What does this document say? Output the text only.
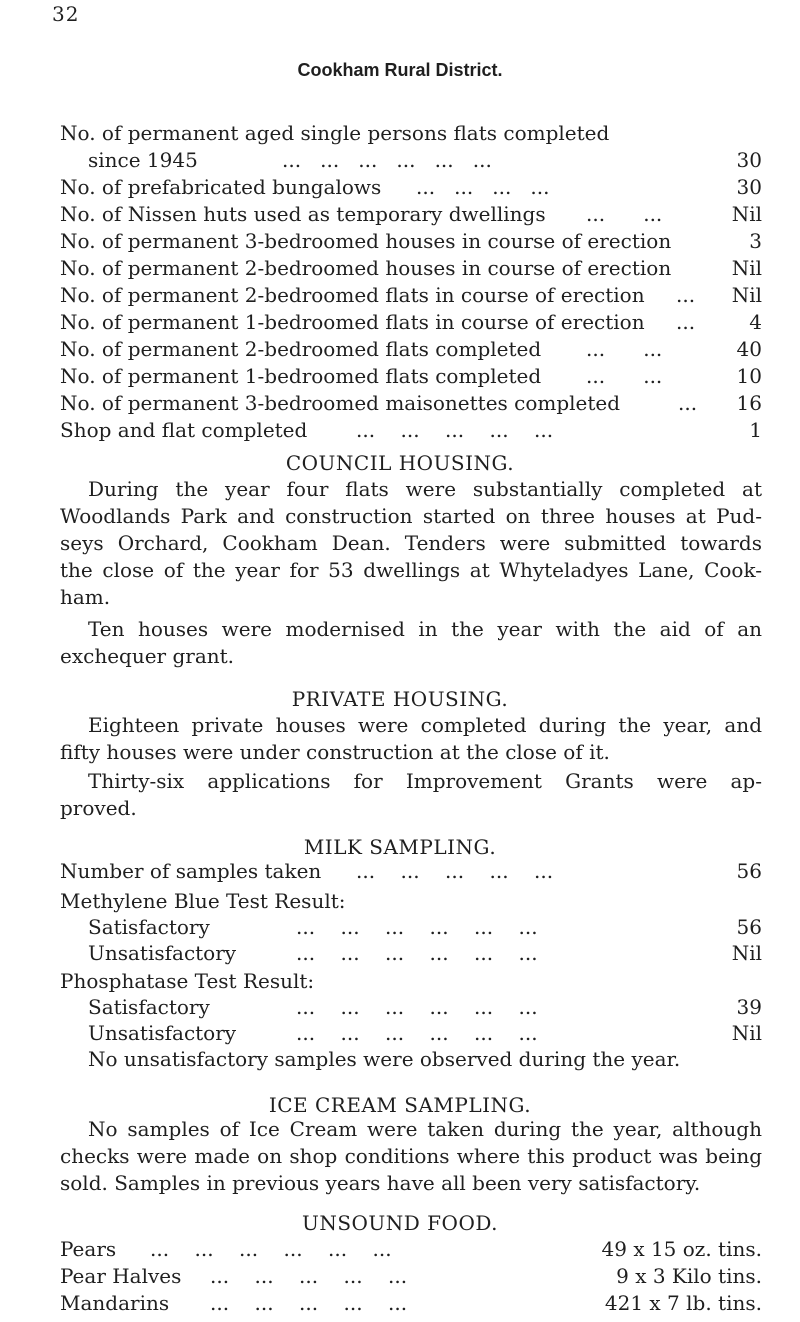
32
Cookham Rural District.
No. of permanent aged single persons flats completed
since 1945	...   ...   ...   ...   ...   ...	30
No. of prefabricated bungalows ...   ...   ...   ...	30
No. of Nissen huts used as temporary dwellings ...      ...	Nil
No. of permanent 3-bedroomed houses in course of erection	3
No. of permanent 2-bedroomed houses in course of erection	Nil
No. of permanent 2-bedroomed flats in course of erection ... Nil
No. of permanent 1-bedroomed flats in course of erection ...	4
No. of permanent 2-bedroomed flats completed ...      ...	40
No. of permanent 1-bedroomed flats completed ...      ...	10
No. of permanent 3-bedroomed maisonettes completed	... 16
Shop and flat completed ...    ...    ...    ...    ...	1
COUNCIL HOUSING.
During the year four flats were substantially completed at
Woodlands Park and construction started on three houses at Pud-
seys Orchard, Cookham Dean. Tenders were submitted towards
the close of the year for 53 dwellings at Whyteladyes Lane, Cook-
ham.
Ten houses were modernised in the year with the aid of an
exchequer grant.
PRIVATE HOUSING.
Eighteen private houses were completed during the year, and
fifty houses were under construction at the close of it.
Thirty-six applications for Improvement Grants were ap-
proved.
MILK SAMPLING.
Number of samples taken ...    ...    ...    ...    ...	56
Methylene Blue Test Result:
Satisfactory	...    ...    ...    ...    ...    ...	56
Unsatisfactory	...    ...    ...    ...    ...    ...	Nil
Phosphatase Test Result:
Satisfactory	...    ...    ...    ...    ...    ...	39
Unsatisfactory	...    ...    ...    ...    ...    ...	Nil
No unsatisfactory samples were observed during the year.
ICE CREAM SAMPLING.
No samples of Ice Cream were taken during the year, although
checks were made on shop conditions where this product was being
sold. Samples in previous years have all been very satisfactory.
UNSOUND FOOD.
Pears ...    ...    ...    ...    ...    ...	49 x 15 oz. tins.
Pear Halves ...    ...    ...    ...    ...	9 x 3 Kilo tins.
Mandarins ...    ...    ...    ...    ...	421 x 7 lb. tins.
